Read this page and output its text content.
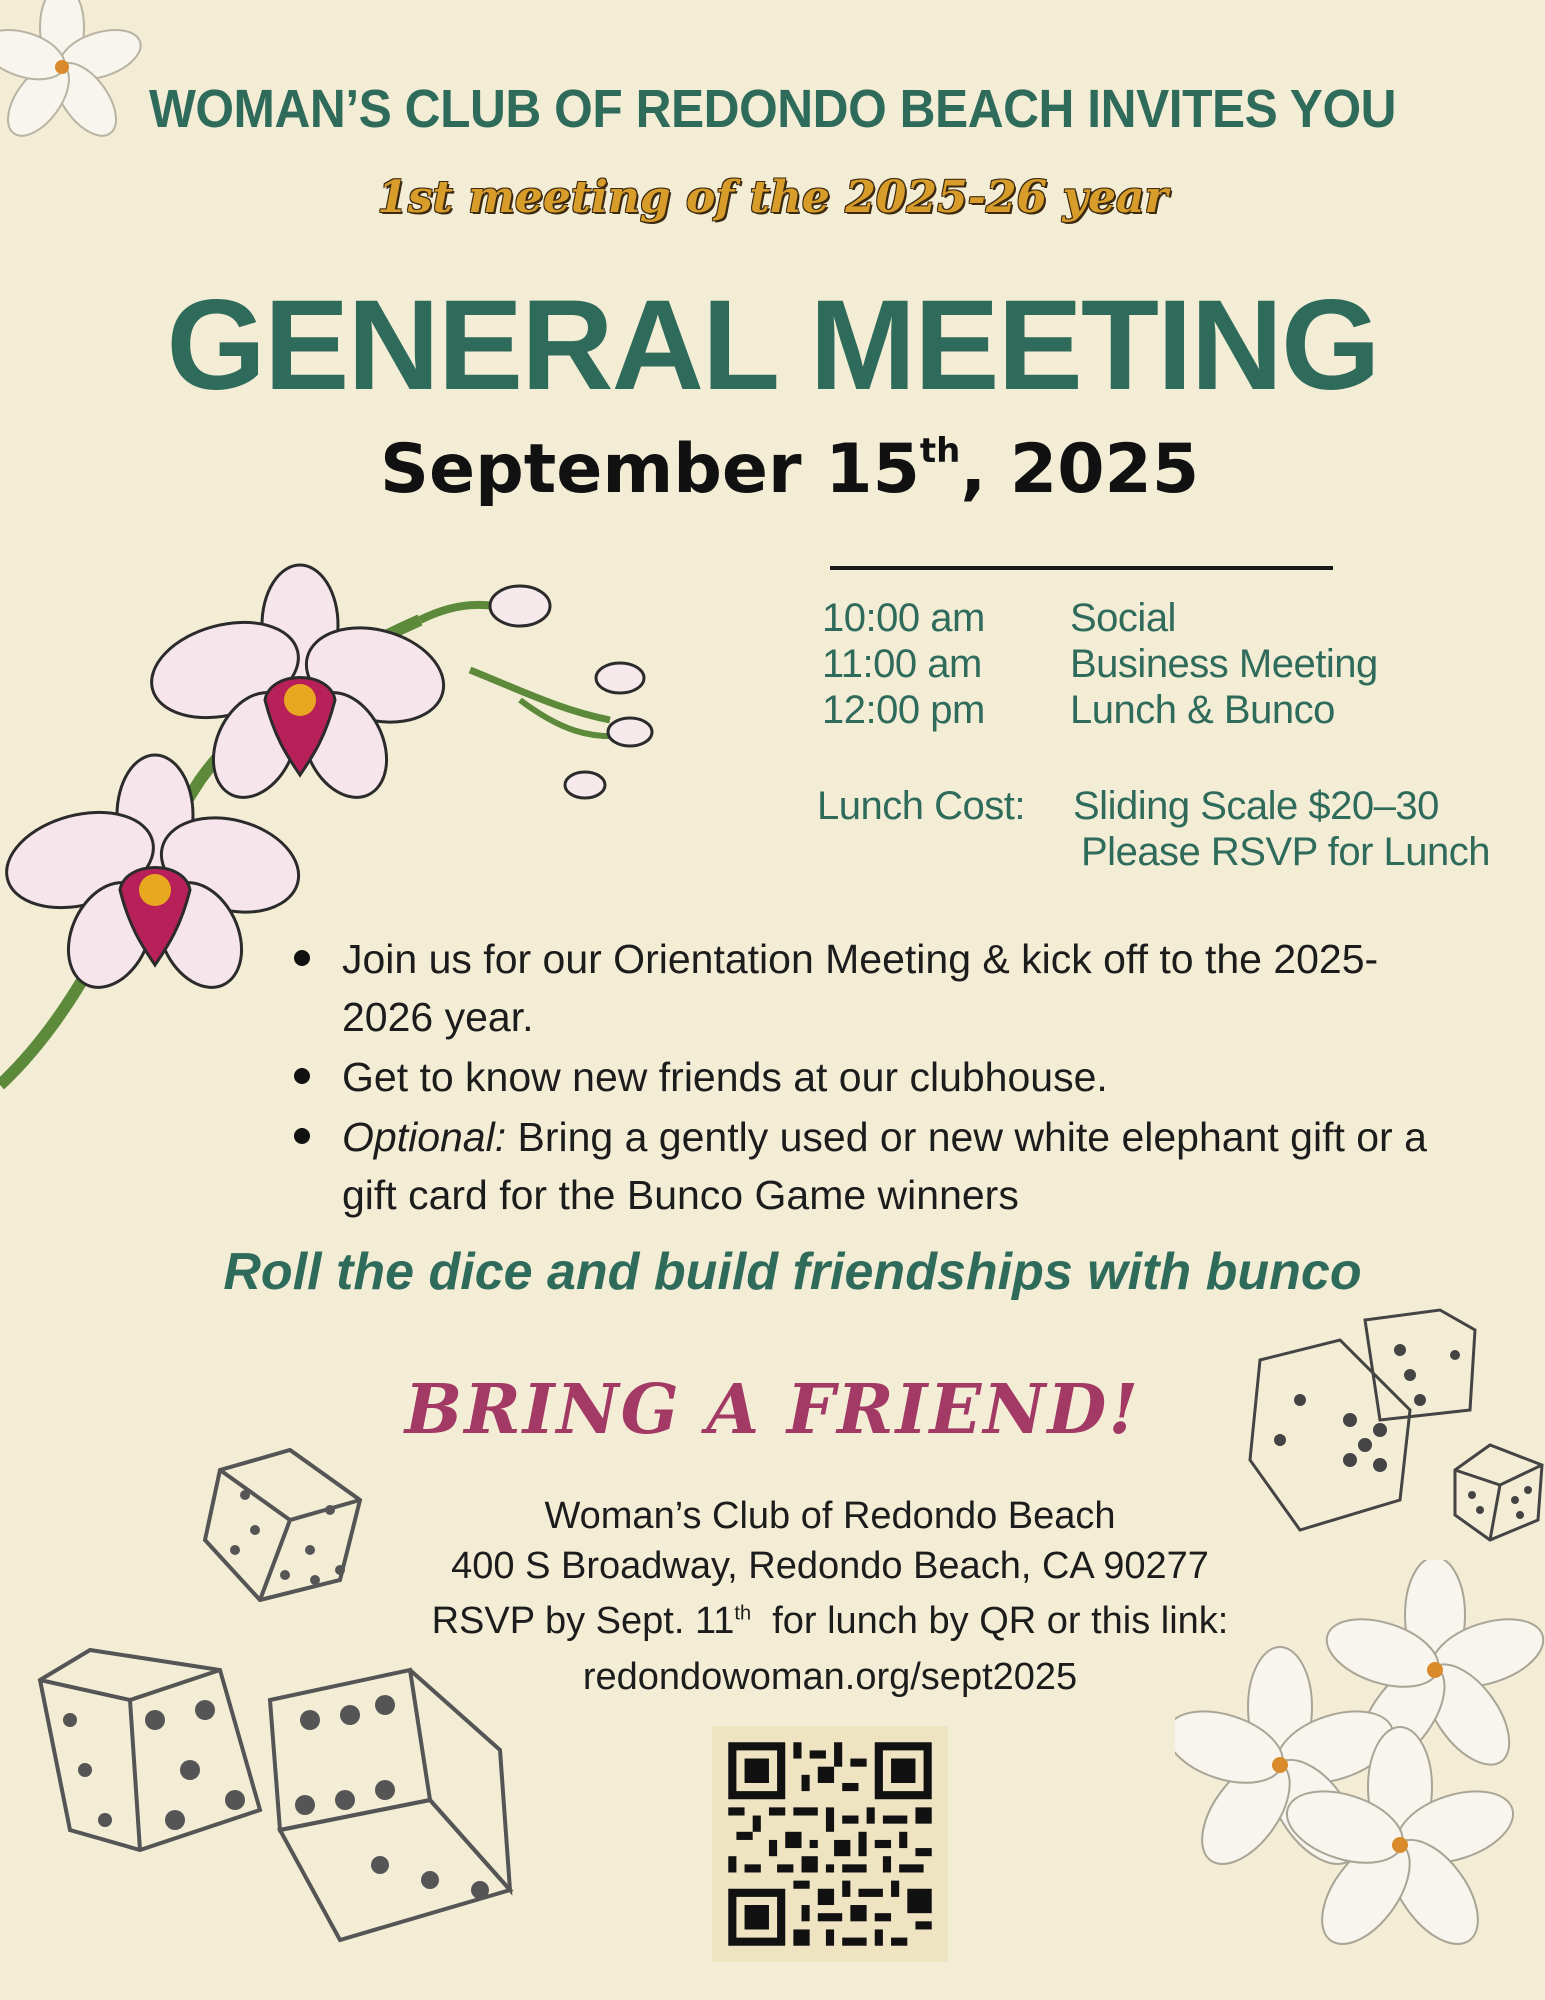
WOMAN’S CLUB OF REDONDO BEACH INVITES YOU
1st meeting of the 2025-26 year
GENERAL MEETING
September 15th, 2025
10:00 am Social
11:00 am Business Meeting
12:00 pm Lunch & Bunco
Lunch Cost: Sliding Scale $20–30
Please RSVP for Lunch
Join us for our Orientation Meeting & kick off to the 2025-2026 year.
Get to know new friends at our clubhouse.
Optional: Bring a gently used or new white elephant gift or a gift card for the Bunco Game winners
Roll the dice and build friendships with bunco
BRING A FRIEND!
Woman’s Club of Redondo Beach
400 S Broadway, Redondo Beach, CA 90277
RSVP by Sept. 11th  for lunch by QR or this link:
redondowoman.org/sept2025
